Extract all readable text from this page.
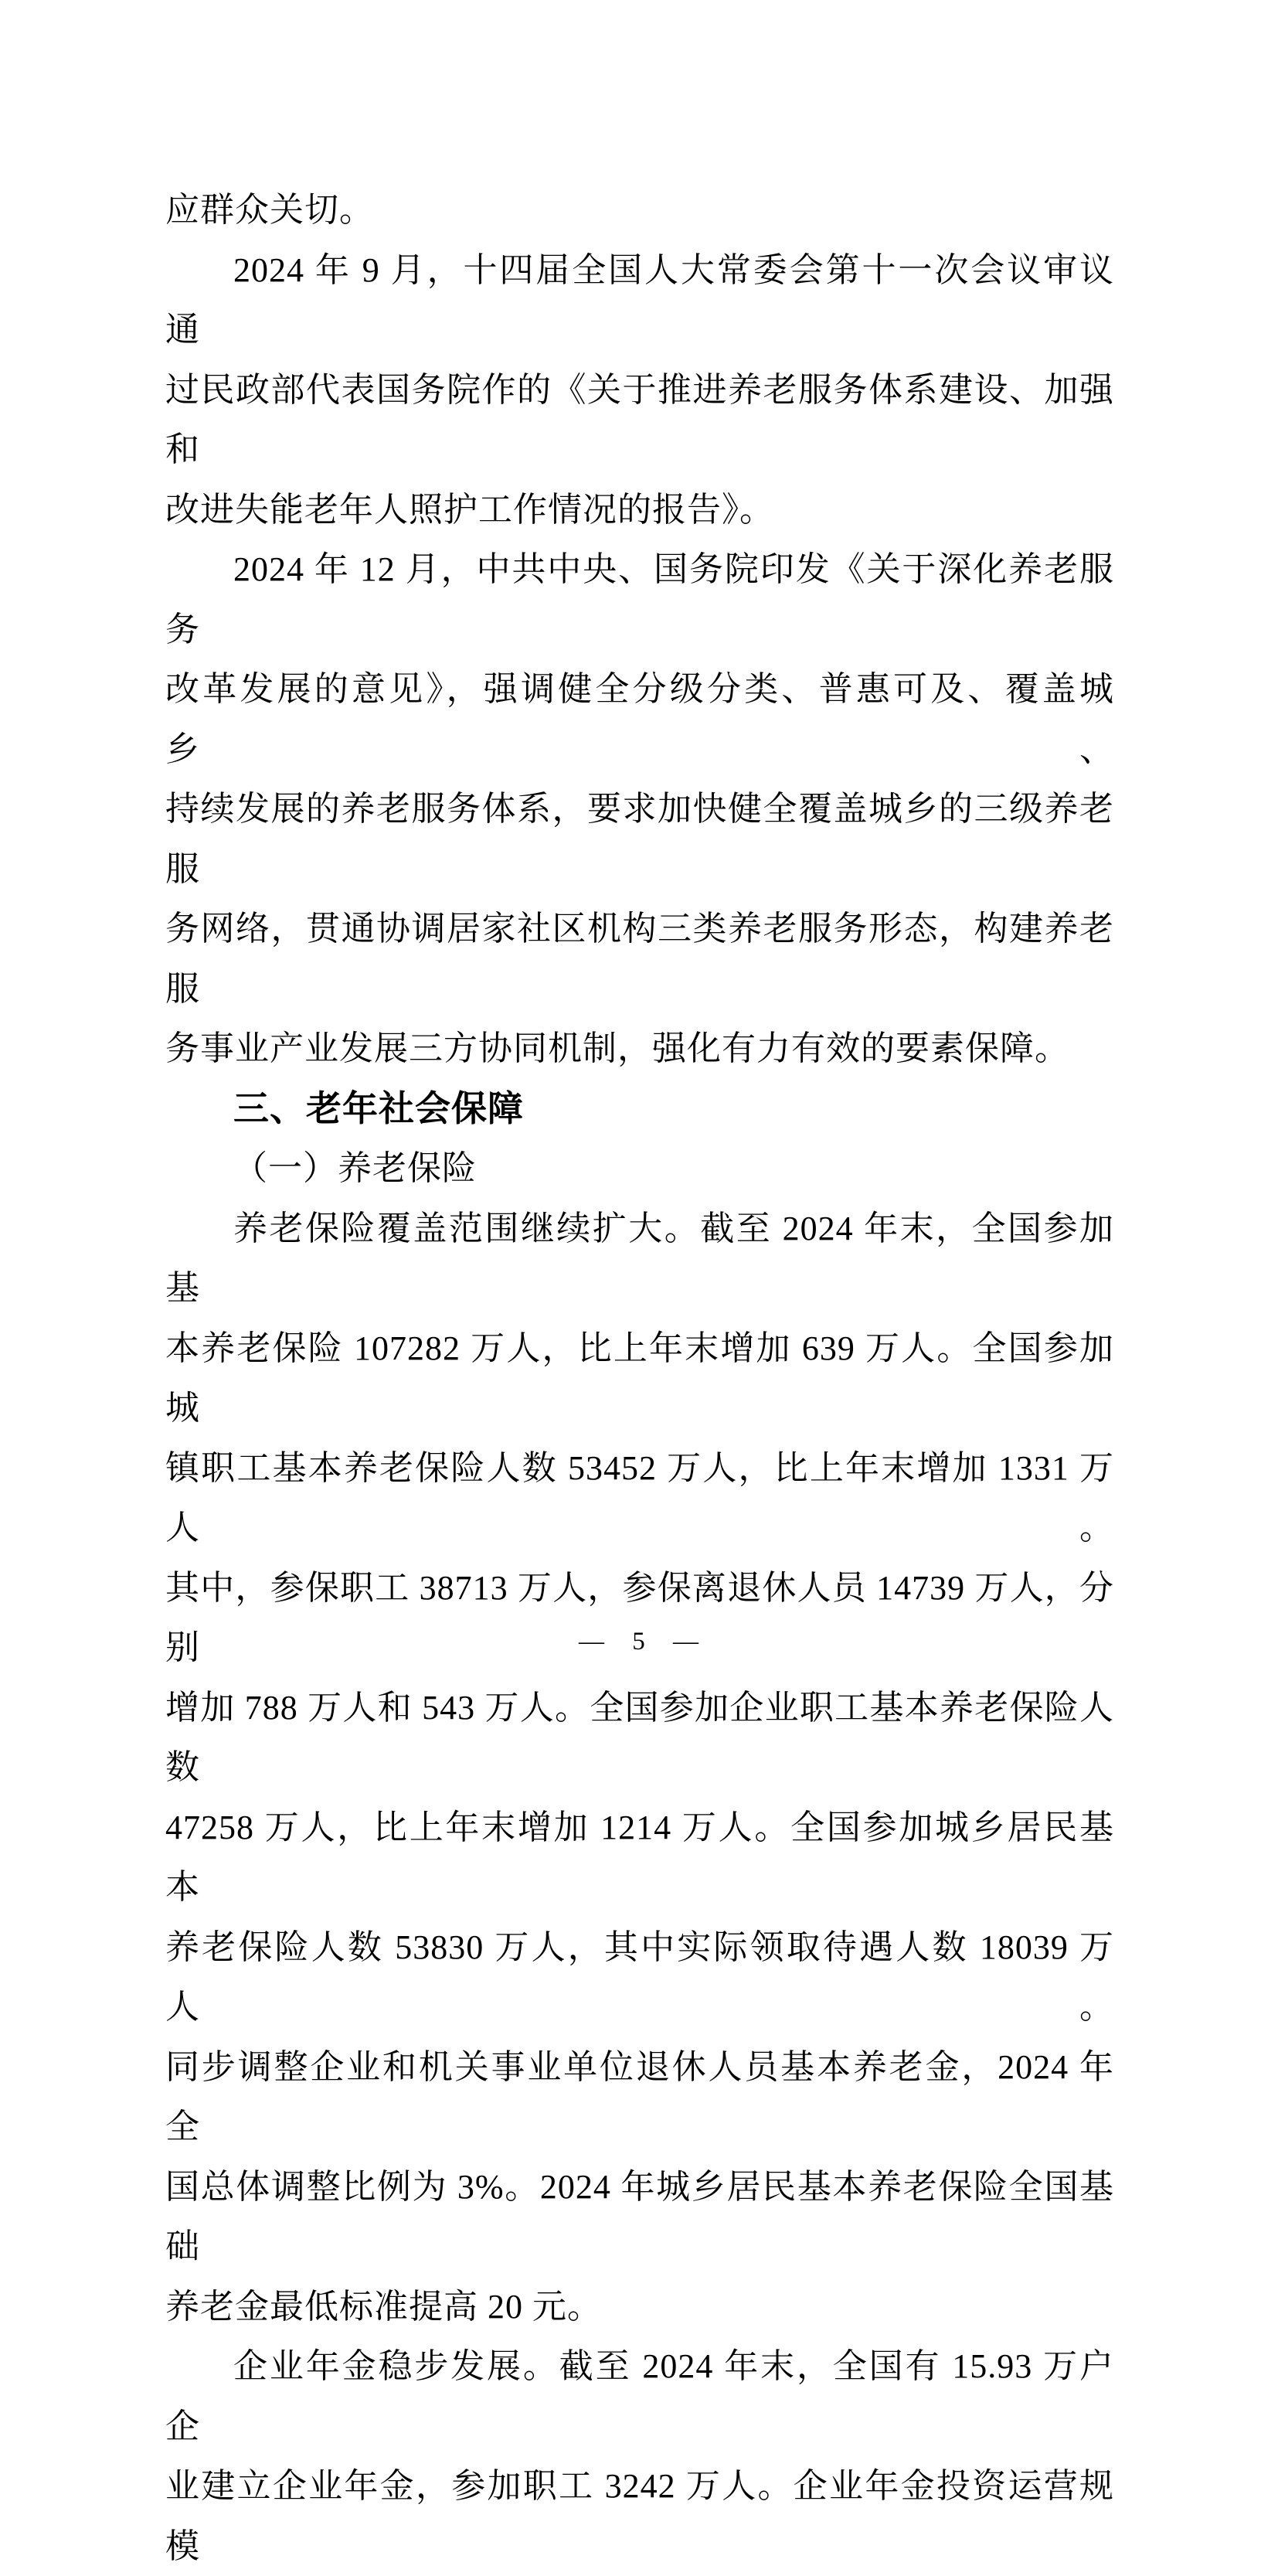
应群众关切。
2024 年 9 月，十四届全国人大常委会第十一次会议审议通
过民政部代表国务院作的《关于推进养老服务体系建设、加强和
改进失能老年人照护工作情况的报告》。
2024 年 12 月，中共中央、国务院印发《关于深化养老服务
改革发展的意见》，强调健全分级分类、普惠可及、覆盖城乡、
持续发展的养老服务体系，要求加快健全覆盖城乡的三级养老服
务网络，贯通协调居家社区机构三类养老服务形态，构建养老服
务事业产业发展三方协同机制，强化有力有效的要素保障。
三、老年社会保障
（一）养老保险
养老保险覆盖范围继续扩大。截至 2024 年末，全国参加基
本养老保险 107282 万人，比上年末增加 639 万人。全国参加城
镇职工基本养老保险人数 53452 万人，比上年末增加 1331 万人。
其中，参保职工 38713 万人，参保离退休人员 14739 万人，分别
增加 788 万人和 543 万人。全国参加企业职工基本养老保险人数
47258 万人，比上年末增加 1214 万人。全国参加城乡居民基本
养老保险人数 53830 万人，其中实际领取待遇人数 18039 万人。
同步调整企业和机关事业单位退休人员基本养老金，2024 年全
国总体调整比例为 3%。2024 年城乡居民基本养老保险全国基础
养老金最低标准提高 20 元。
企业年金稳步发展。截至 2024 年末，全国有 15.93 万户企
业建立企业年金，参加职工 3242 万人。企业年金投资运营规模
— 5 —
